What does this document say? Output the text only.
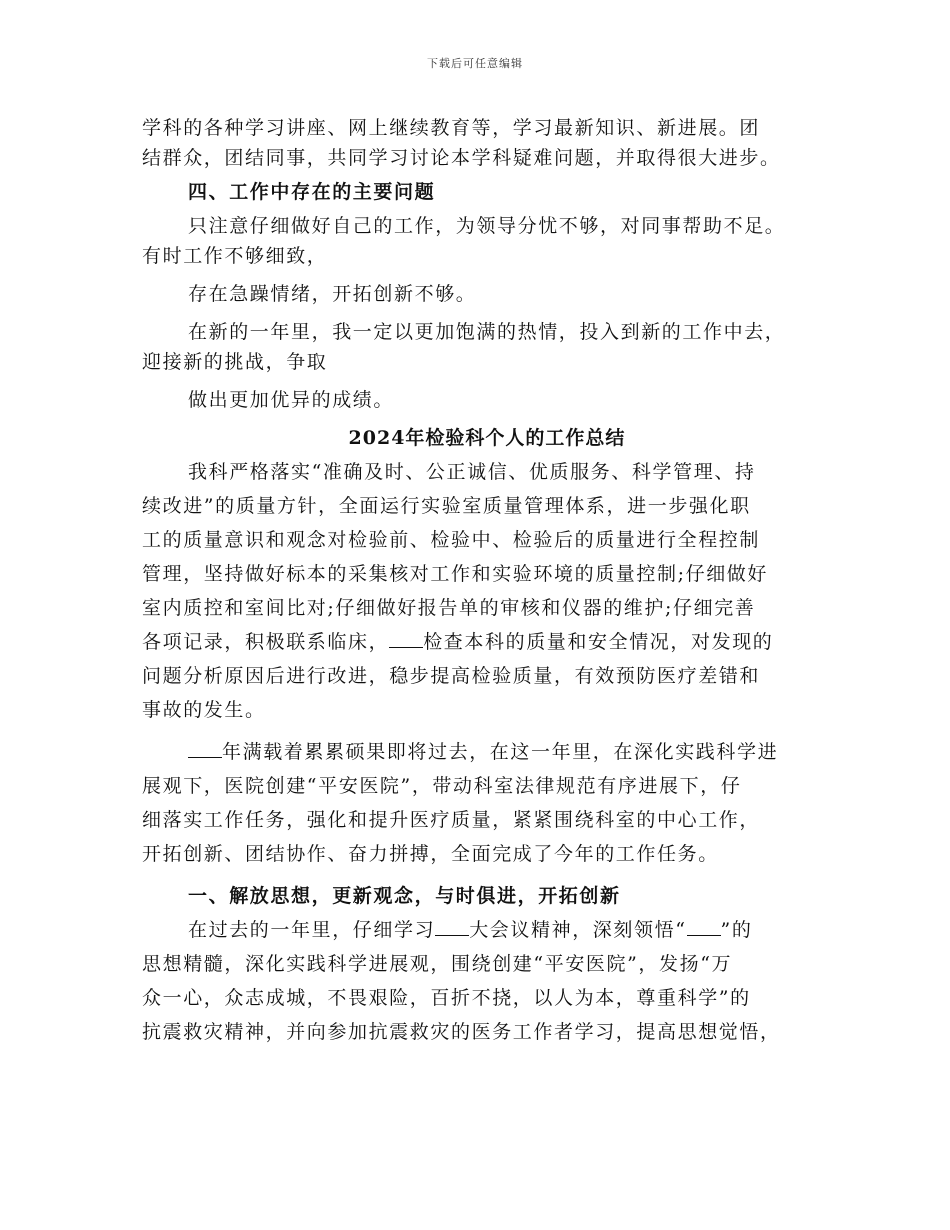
下载后可任意编辑
学科的各种学习讲座、网上继续教育等，学习最新知识、新进展。团
结群众，团结同事，共同学习讨论本学科疑难问题，并取得很大进步。
四、工作中存在的主要问题
只注意仔细做好自己的工作，为领导分忧不够，对同事帮助不足。
有时工作不够细致，
存在急躁情绪，开拓创新不够。
在新的一年里，我一定以更加饱满的热情，投入到新的工作中去，
迎接新的挑战，争取
做出更加优异的成绩。
2024年检验科个人的工作总结
我科严格落实“准确及时、公正诚信、优质服务、科学管理、持
续改进”的质量方针，全面运行实验室质量管理体系，进一步强化职
工的质量意识和观念对检验前、检验中、检验后的质量进行全程控制
管理，坚持做好标本的采集核对工作和实验环境的质量控制;仔细做好
室内质控和室间比对;仔细做好报告单的审核和仪器的维护;仔细完善
各项记录，积极联系临床， 检查本科的质量和安全情况，对发现的
问题分析原因后进行改进，稳步提高检验质量，有效预防医疗差错和
事故的发生。
年满载着累累硕果即将过去，在这一年里，在深化实践科学进
展观下，医院创建“平安医院”，带动科室法律规范有序进展下，仔
细落实工作任务，强化和提升医疗质量，紧紧围绕科室的中心工作，
开拓创新、团结协作、奋力拼搏，全面完成了今年的工作任务。
一、解放思想，更新观念，与时俱进，开拓创新
在过去的一年里，仔细学习 大会议精神，深刻领悟“ ”的
思想精髓，深化实践科学进展观，围绕创建“平安医院”，发扬“万
众一心，众志成城，不畏艰险，百折不挠，以人为本，尊重科学”的
抗震救灾精神，并向参加抗震救灾的医务工作者学习，提高思想觉悟，
